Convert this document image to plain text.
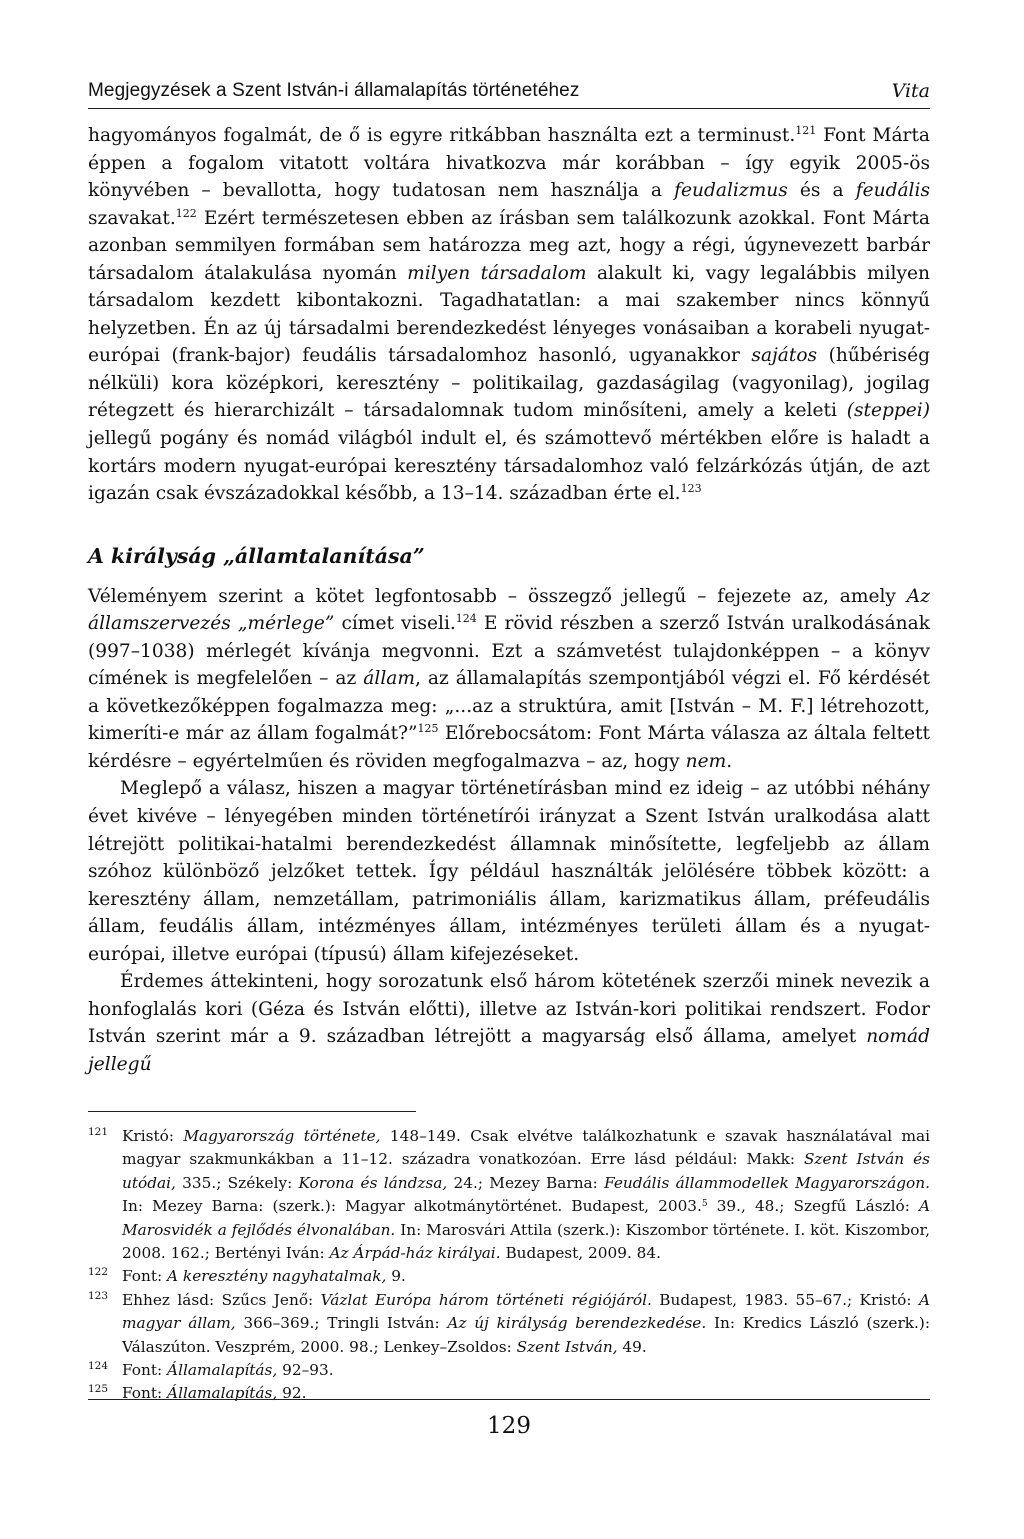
Megjegyzések a Szent István-i államalapítás történetéhez	Vita

hagyományos fogalmát, de ő is egyre ritkábban használta ezt a terminust.$^{121}$ Font Márta éppen a fogalom vitatott voltára hivatkozva már korábban – így egyik 2005-ös könyvében – bevallotta, hogy tudatosan nem használja a feudalizmus és a feudális szavakat.$^{122}$ Ezért természetesen ebben az írásban sem találkozunk azokkal. Font Márta azonban semmilyen formában sem határozza meg azt, hogy a régi, úgynevezett barbár társadalom átalakulása nyomán milyen társadalom alakult ki, vagy legalábbis milyen társadalom kezdett kibontakozni. Tagadhatatlan: a mai szakember nincs könnyű helyzetben. Én az új társadalmi berendezkedést lényeges vonásaiban a korabeli nyugat-európai (frank-bajor) feudális társadalomhoz hasonló, ugyanakkor sajátos (hűbériség nélküli) kora középkori, keresztény – politikailag, gazdaságilag (vagyonilag), jogilag rétegzett és hierarchizált – társadalomnak tudom minősíteni, amely a keleti (steppei) jellegű pogány és nomád világból indult el, és számottevő mértékben előre is haladt a kortárs modern nyugat-európai keresztény társadalomhoz való felzárkózás útján, de azt igazán csak évszázadokkal később, a 13–14. században érte el.$^{123}$

A királyság „államtalanítása”

Véleményem szerint a kötet legfontosabb – összegző jellegű – fejezete az, amely Az államszervezés „mérlege” címet viseli.$^{124}$ E rövid részben a szerző István uralkodásának (997–1038) mérlegét kívánja megvonni. Ezt a számvetést tulajdonképpen – a könyv címének is megfelelően – az állam, az államalapítás szempontjából végzi el. Fő kérdését a következőképpen fogalmazza meg: „...az a struktúra, amit [István – M. F.] létrehozott, kimeríti-e már az állam fogalmát?”$^{125}$ Előrebocsátom: Font Márta válasza az általa feltett kérdésre – egyértelműen és röviden megfogalmazva – az, hogy nem.

Meglepő a válasz, hiszen a magyar történetírásban mind ez ideig – az utóbbi néhány évet kivéve – lényegében minden történetírói irányzat a Szent István uralkodása alatt létrejött politikai-hatalmi berendezkedést államnak minősítette, legfeljebb az állam szóhoz különböző jelzőket tettek. Így például használták jelölésére többek között: a keresztény állam, nemzetállam, patrimoniális állam, karizmatikus állam, préfeudális állam, feudális állam, intézményes állam, intézményes területi állam és a nyugat-európai, illetve európai (típusú) állam kifejezéseket.

Érdemes áttekinteni, hogy sorozatunk első három kötetének szerzői minek nevezik a honfoglalás kori (Géza és István előtti), illetve az István-kori politikai rendszert. Fodor István szerint már a 9. században létrejött a magyarság első állama, amelyet nomád jellegű

121 Kristó: Magyarország története, 148–149. Csak elvétve találkozhatunk e szavak használatával mai magyar szakmunkákban a 11–12. századra vonatkozóan. Erre lásd például: Makk: Szent István és utódai, 335.; Székely: Korona és lándzsa, 24.; Mezey Barna: Feudális állammodellek Magyarországon. In: Mezey Barna: (szerk.): Magyar alkotmánytörténet. Budapest, 2003.$^5$ 39., 48.; Szegfű László: A Marosvidék a fejlődés élvonalában. In: Marosvári Attila (szerk.): Kiszombor története. I. köt. Kiszombor, 2008. 162.; Bertényi Iván: Az Árpád-ház királyai. Budapest, 2009. 84.
122 Font: A keresztény nagyhatalmak, 9.
123 Ehhez lásd: Szűcs Jenő: Vázlat Európa három történeti régiójáról. Budapest, 1983. 55–67.; Kristó: A magyar állam, 366–369.; Tringli István: Az új királyság berendezkedése. In: Kredics László (szerk.): Válaszúton. Veszprém, 2000. 98.; Lenkey–Zsoldos: Szent István, 49.
124 Font: Államalapítás, 92–93.
125 Font: Államalapítás, 92.
129
